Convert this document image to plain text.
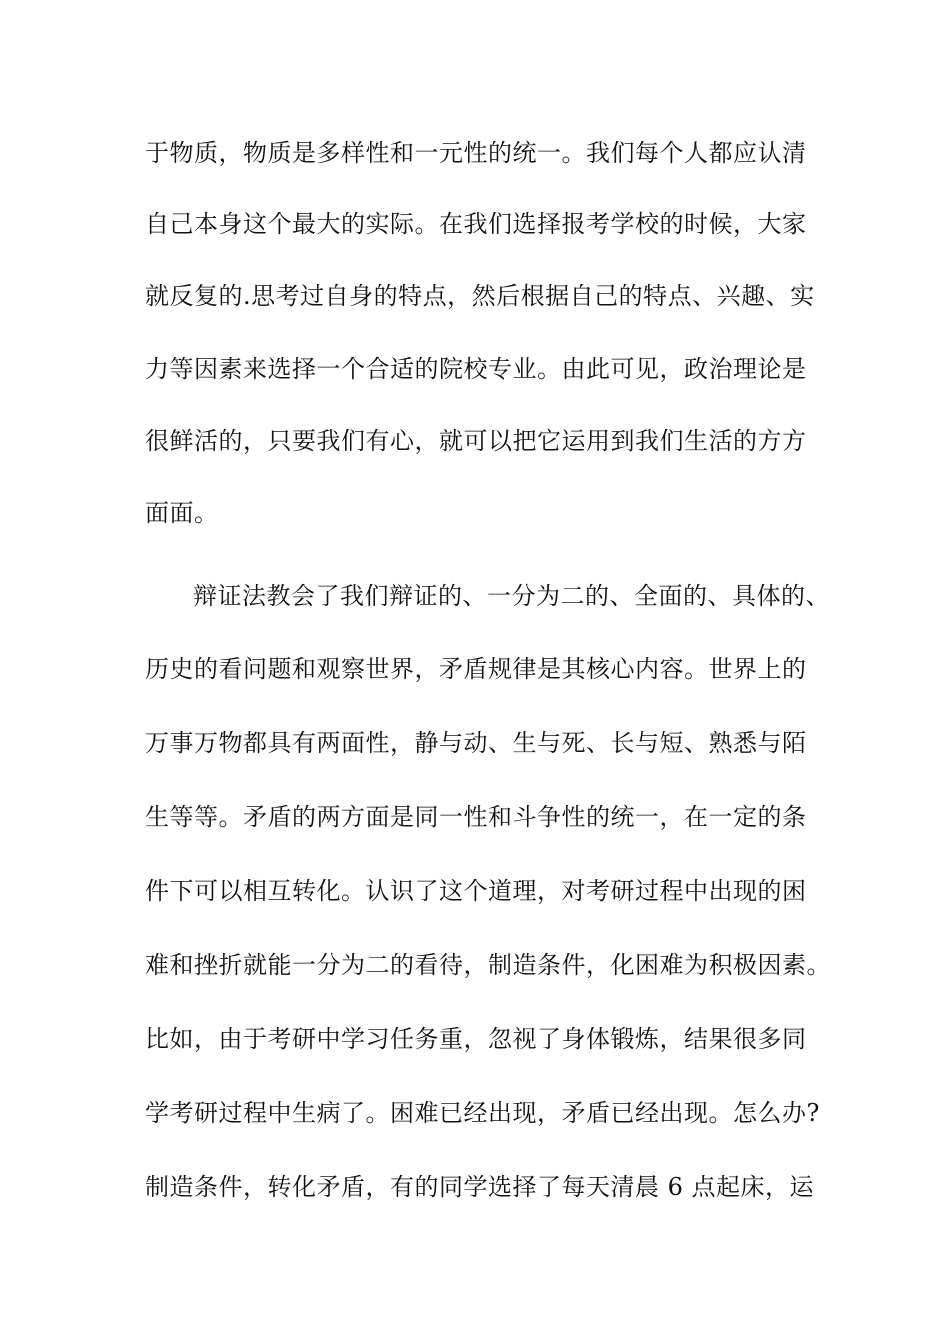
于物质，物质是多样性和一元性的统一。我们每个人都应认清
自己本身这个最大的实际。在我们选择报考学校的时候，大家
就反复的.思考过自身的特点，然后根据自己的特点、兴趣、实
力等因素来选择一个合适的院校专业。由此可见，政治理论是
很鲜活的，只要我们有心，就可以把它运用到我们生活的方方
面面。
辩证法教会了我们辩证的、一分为二的、全面的、具体的、
历史的看问题和观察世界，矛盾规律是其核心内容。世界上的
万事万物都具有两面性，静与动、生与死、长与短、熟悉与陌
生等等。矛盾的两方面是同一性和斗争性的统一，在一定的条
件下可以相互转化。认识了这个道理，对考研过程中出现的困
难和挫折就能一分为二的看待，制造条件，化困难为积极因素。
比如，由于考研中学习任务重，忽视了身体锻炼，结果很多同
学考研过程中生病了。困难已经出现，矛盾已经出现。怎么办?
制造条件，转化矛盾，有的同学选择了每天清晨 6 点起床，运
